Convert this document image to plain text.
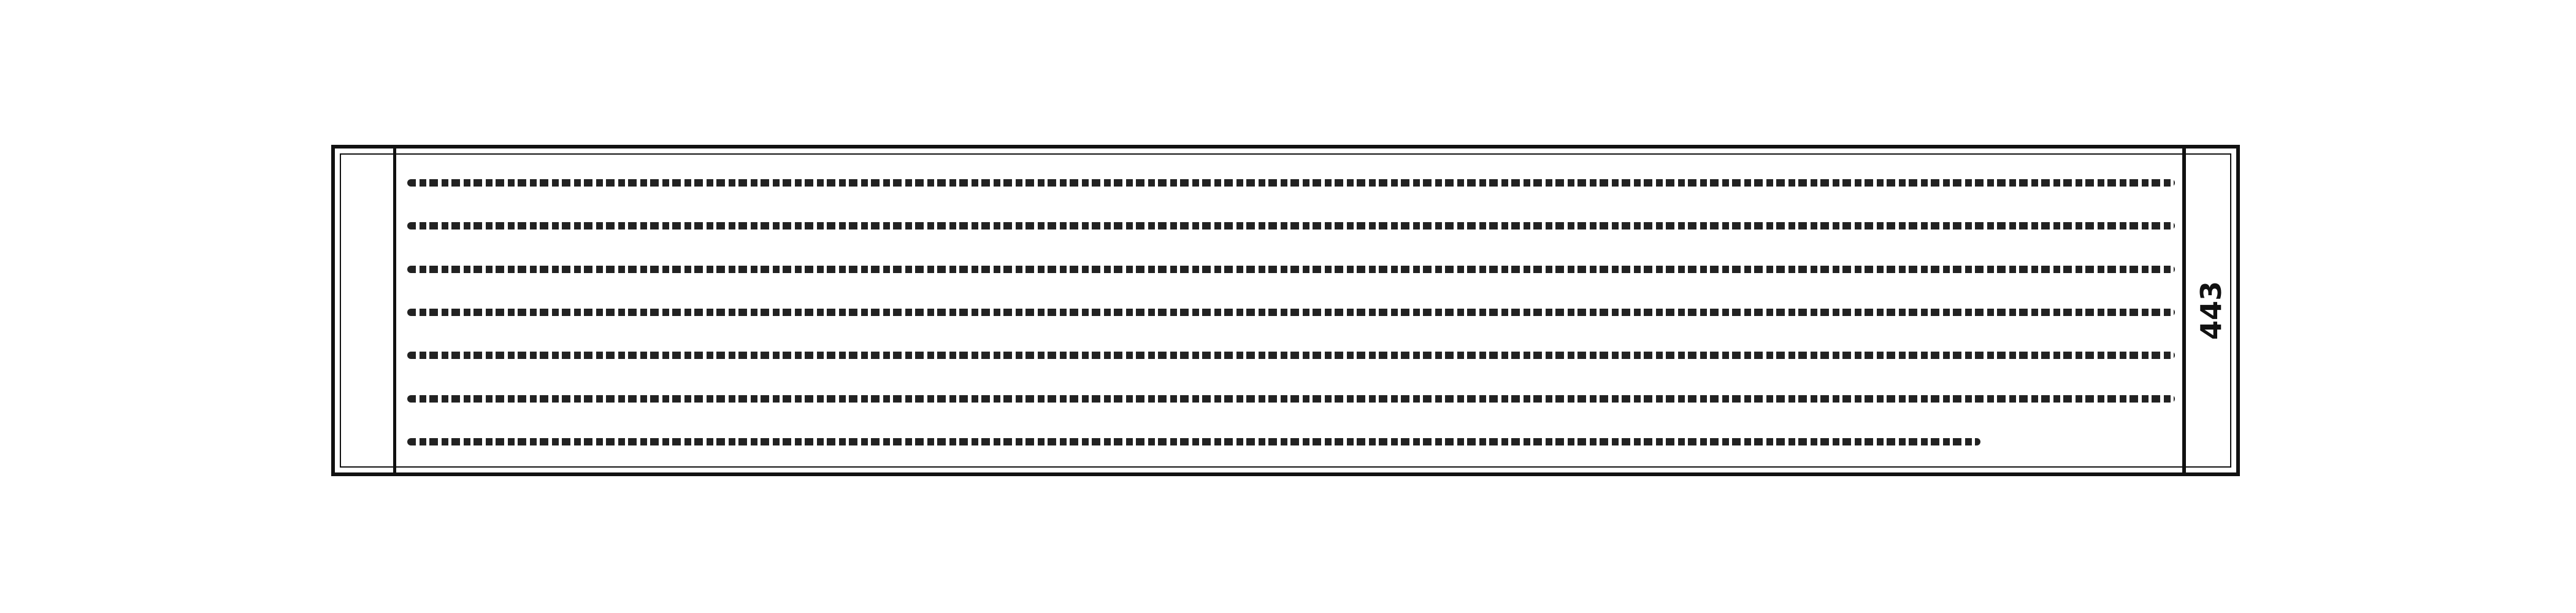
443
